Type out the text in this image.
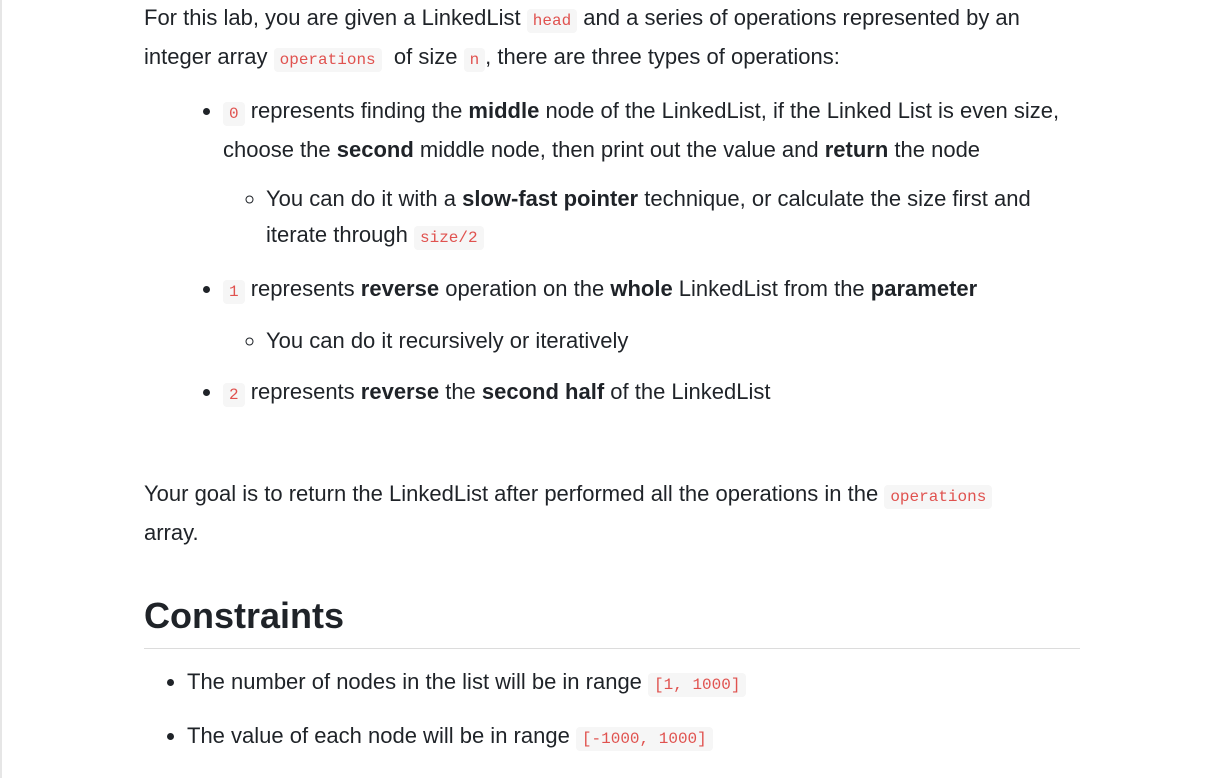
For this lab, you are given a LinkedList head and a series of operations represented by an integer array operations  of size n , there are three types of operations:

• 0 represents finding the middle node of the LinkedList, if the Linked List is even size, choose the second middle node, then print out the value and return the node
◦ You can do it with a slow-fast pointer technique, or calculate the size first and iterate through size/2
• 1 represents reverse operation on the whole LinkedList from the parameter
◦ You can do it recursively or iteratively
• 2 represents reverse the second half of the LinkedList

Your goal is to return the LinkedList after performed all the operations in the operations
array.

Constraints
• The number of nodes in the list will be in range [1, 1000]
• The value of each node will be in range [-1000, 1000]
